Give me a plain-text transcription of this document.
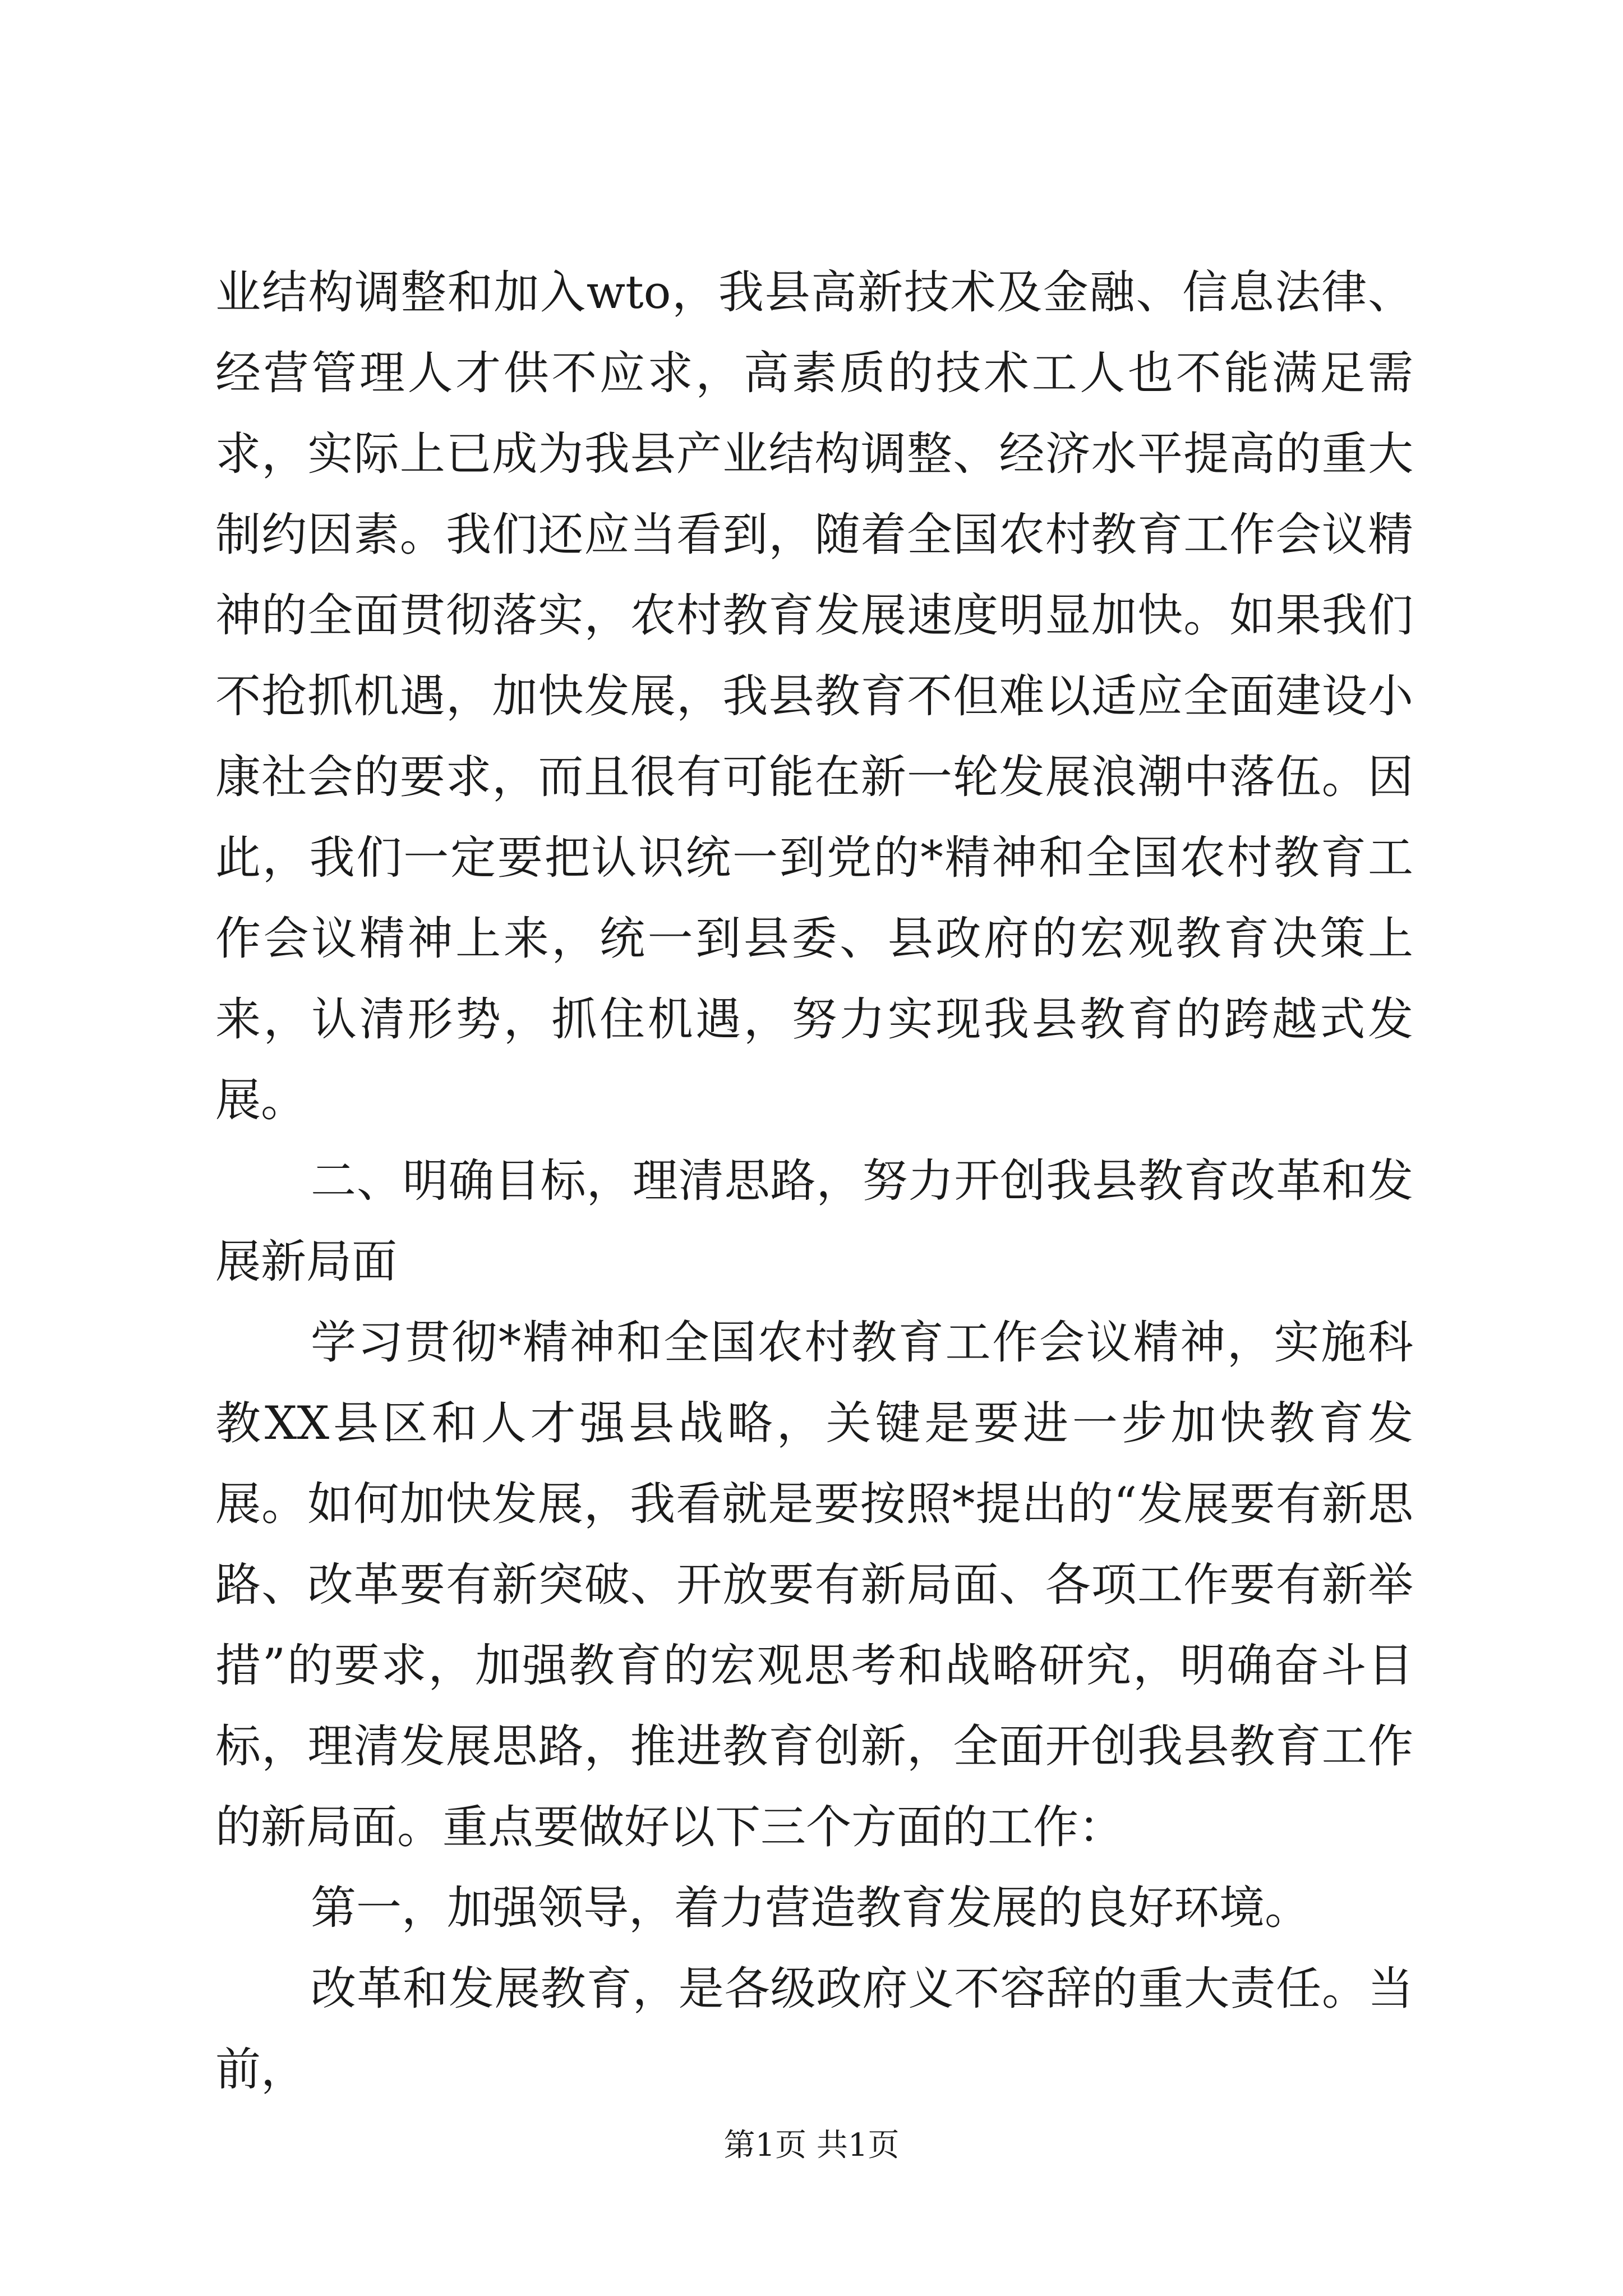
业结构调整和加入wto，我县高新技术及金融、信息法律、经营管理人才供不应求，高素质的技术工人也不能满足需求，实际上已成为我县产业结构调整、经济水平提高的重大制约因素。我们还应当看到，随着全国农村教育工作会议精神的全面贯彻落实，农村教育发展速度明显加快。如果我们不抢抓机遇，加快发展，我县教育不但难以适应全面建设小康社会的要求，而且很有可能在新一轮发展浪潮中落伍。因此，我们一定要把认识统一到党的*精神和全国农村教育工作会议精神上来，统一到县委、县政府的宏观教育决策上来，认清形势，抓住机遇，努力实现我县教育的跨越式发展。

二、明确目标，理清思路，努力开创我县教育改革和发展新局面

学习贯彻*精神和全国农村教育工作会议精神，实施科教XX县区和人才强县战略，关键是要进一步加快教育发展。如何加快发展，我看就是要按照*提出的“发展要有新思路、改革要有新突破、开放要有新局面、各项工作要有新举措”的要求，加强教育的宏观思考和战略研究，明确奋斗目标，理清发展思路，推进教育创新，全面开创我县教育工作的新局面。重点要做好以下三个方面的工作：

第一，加强领导，着力营造教育发展的良好环境。

改革和发展教育，是各级政府义不容辞的重大责任。当前，

第1页 共1页
